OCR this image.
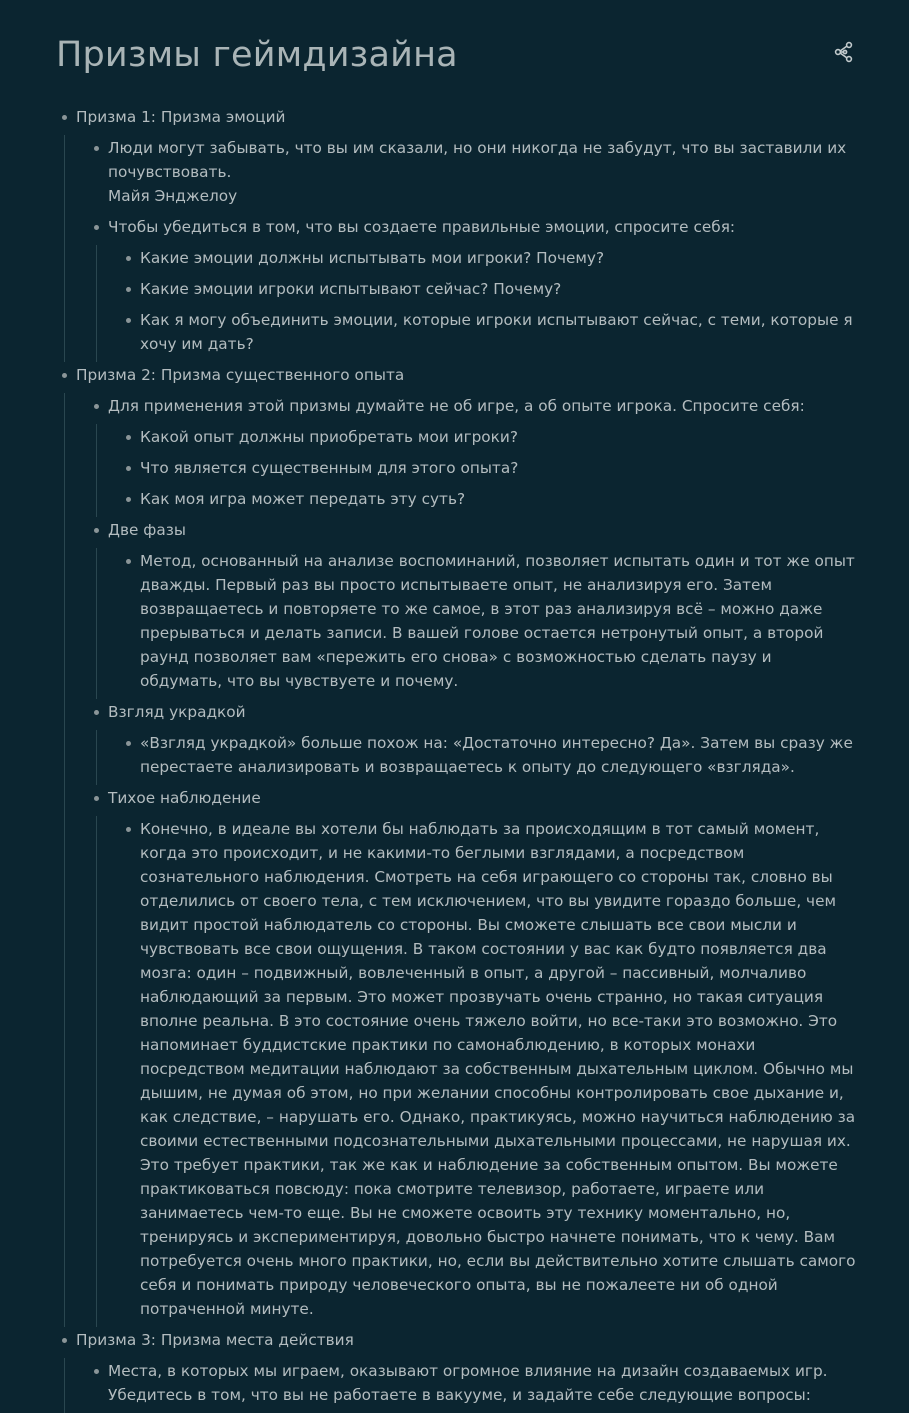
Призмы геймдизайна
Призма 1: Призма эмоций
Люди могут забывать, что вы им сказали, но они никогда не забудут, что вы заставили их почувствовать.
Майя Энджелоу
Чтобы убедиться в том, что вы создаете правильные эмоции, спросите себя:
Какие эмоции должны испытывать мои игроки? Почему?
Какие эмоции игроки испытывают сейчас? Почему?
Как я могу объединить эмоции, которые игроки испытывают сейчас, с теми, которые я хочу им дать?
Призма 2: Призма существенного опыта
Для применения этой призмы думайте не об игре, а об опыте игрока. Спросите себя:
Какой опыт должны приобретать мои игроки?
Что является существенным для этого опыта?
Как моя игра может передать эту суть?
Две фазы
Метод, основанный на анализе воспоминаний, позволяет испытать один и тот же опыт дважды. Первый раз вы просто испытываете опыт, не анализируя его. Затем возвращаетесь и повторяете то же самое, в этот раз анализируя всё – можно даже прерываться и делать записи. В вашей голове остается нетронутый опыт, а второй раунд позволяет вам «пережить его снова» с возможностью сделать паузу и обдумать, что вы чувствуете и почему.
Взгляд украдкой
«Взгляд украдкой» больше похож на: «Достаточно интересно? Да». Затем вы сразу же перестаете анализировать и возвращаетесь к опыту до следующего «взгляда».
Тихое наблюдение
Конечно, в идеале вы хотели бы наблюдать за происходящим в тот самый момент, когда это происходит, и не какими-то беглыми взглядами, а посредством сознательного наблюдения. Смотреть на себя играющего со стороны так, словно вы отделились от своего тела, с тем исключением, что вы увидите гораздо больше, чем видит простой наблюдатель со стороны. Вы сможете слышать все свои мысли и чувствовать все свои ощущения. В таком состоянии у вас как будто появляется два мозга: один – подвижный, вовлеченный в опыт, а другой – пассивный, молчаливо наблюдающий за первым. Это может прозвучать очень странно, но такая ситуация вполне реальна. В это состояние очень тяжело войти, но все-таки это возможно. Это напоминает буддистские практики по самонаблюдению, в которых монахи посредством медитации наблюдают за собственным дыхательным циклом. Обычно мы дышим, не думая об этом, но при желании способны контролировать свое дыхание и, как следствие, – нарушать его. Однако, практикуясь, можно научиться наблюдению за своими естественными подсознательными дыхательными процессами, не нарушая их. Это требует практики, так же как и наблюдение за собственным опытом. Вы можете практиковаться повсюду: пока смотрите телевизор, работаете, играете или занимаетесь чем-то еще. Вы не сможете освоить эту технику моментально, но, тренируясь и экспериментируя, довольно быстро начнете понимать, что к чему. Вам потребуется очень много практики, но, если вы действительно хотите слышать самого себя и понимать природу человеческого опыта, вы не пожалеете ни об одной потраченной минуте.
Призма 3: Призма места действия
Места, в которых мы играем, оказывают огромное влияние на дизайн создаваемых игр. Убедитесь в том, что вы не работаете в вакууме, и задайте себе следующие вопросы:
